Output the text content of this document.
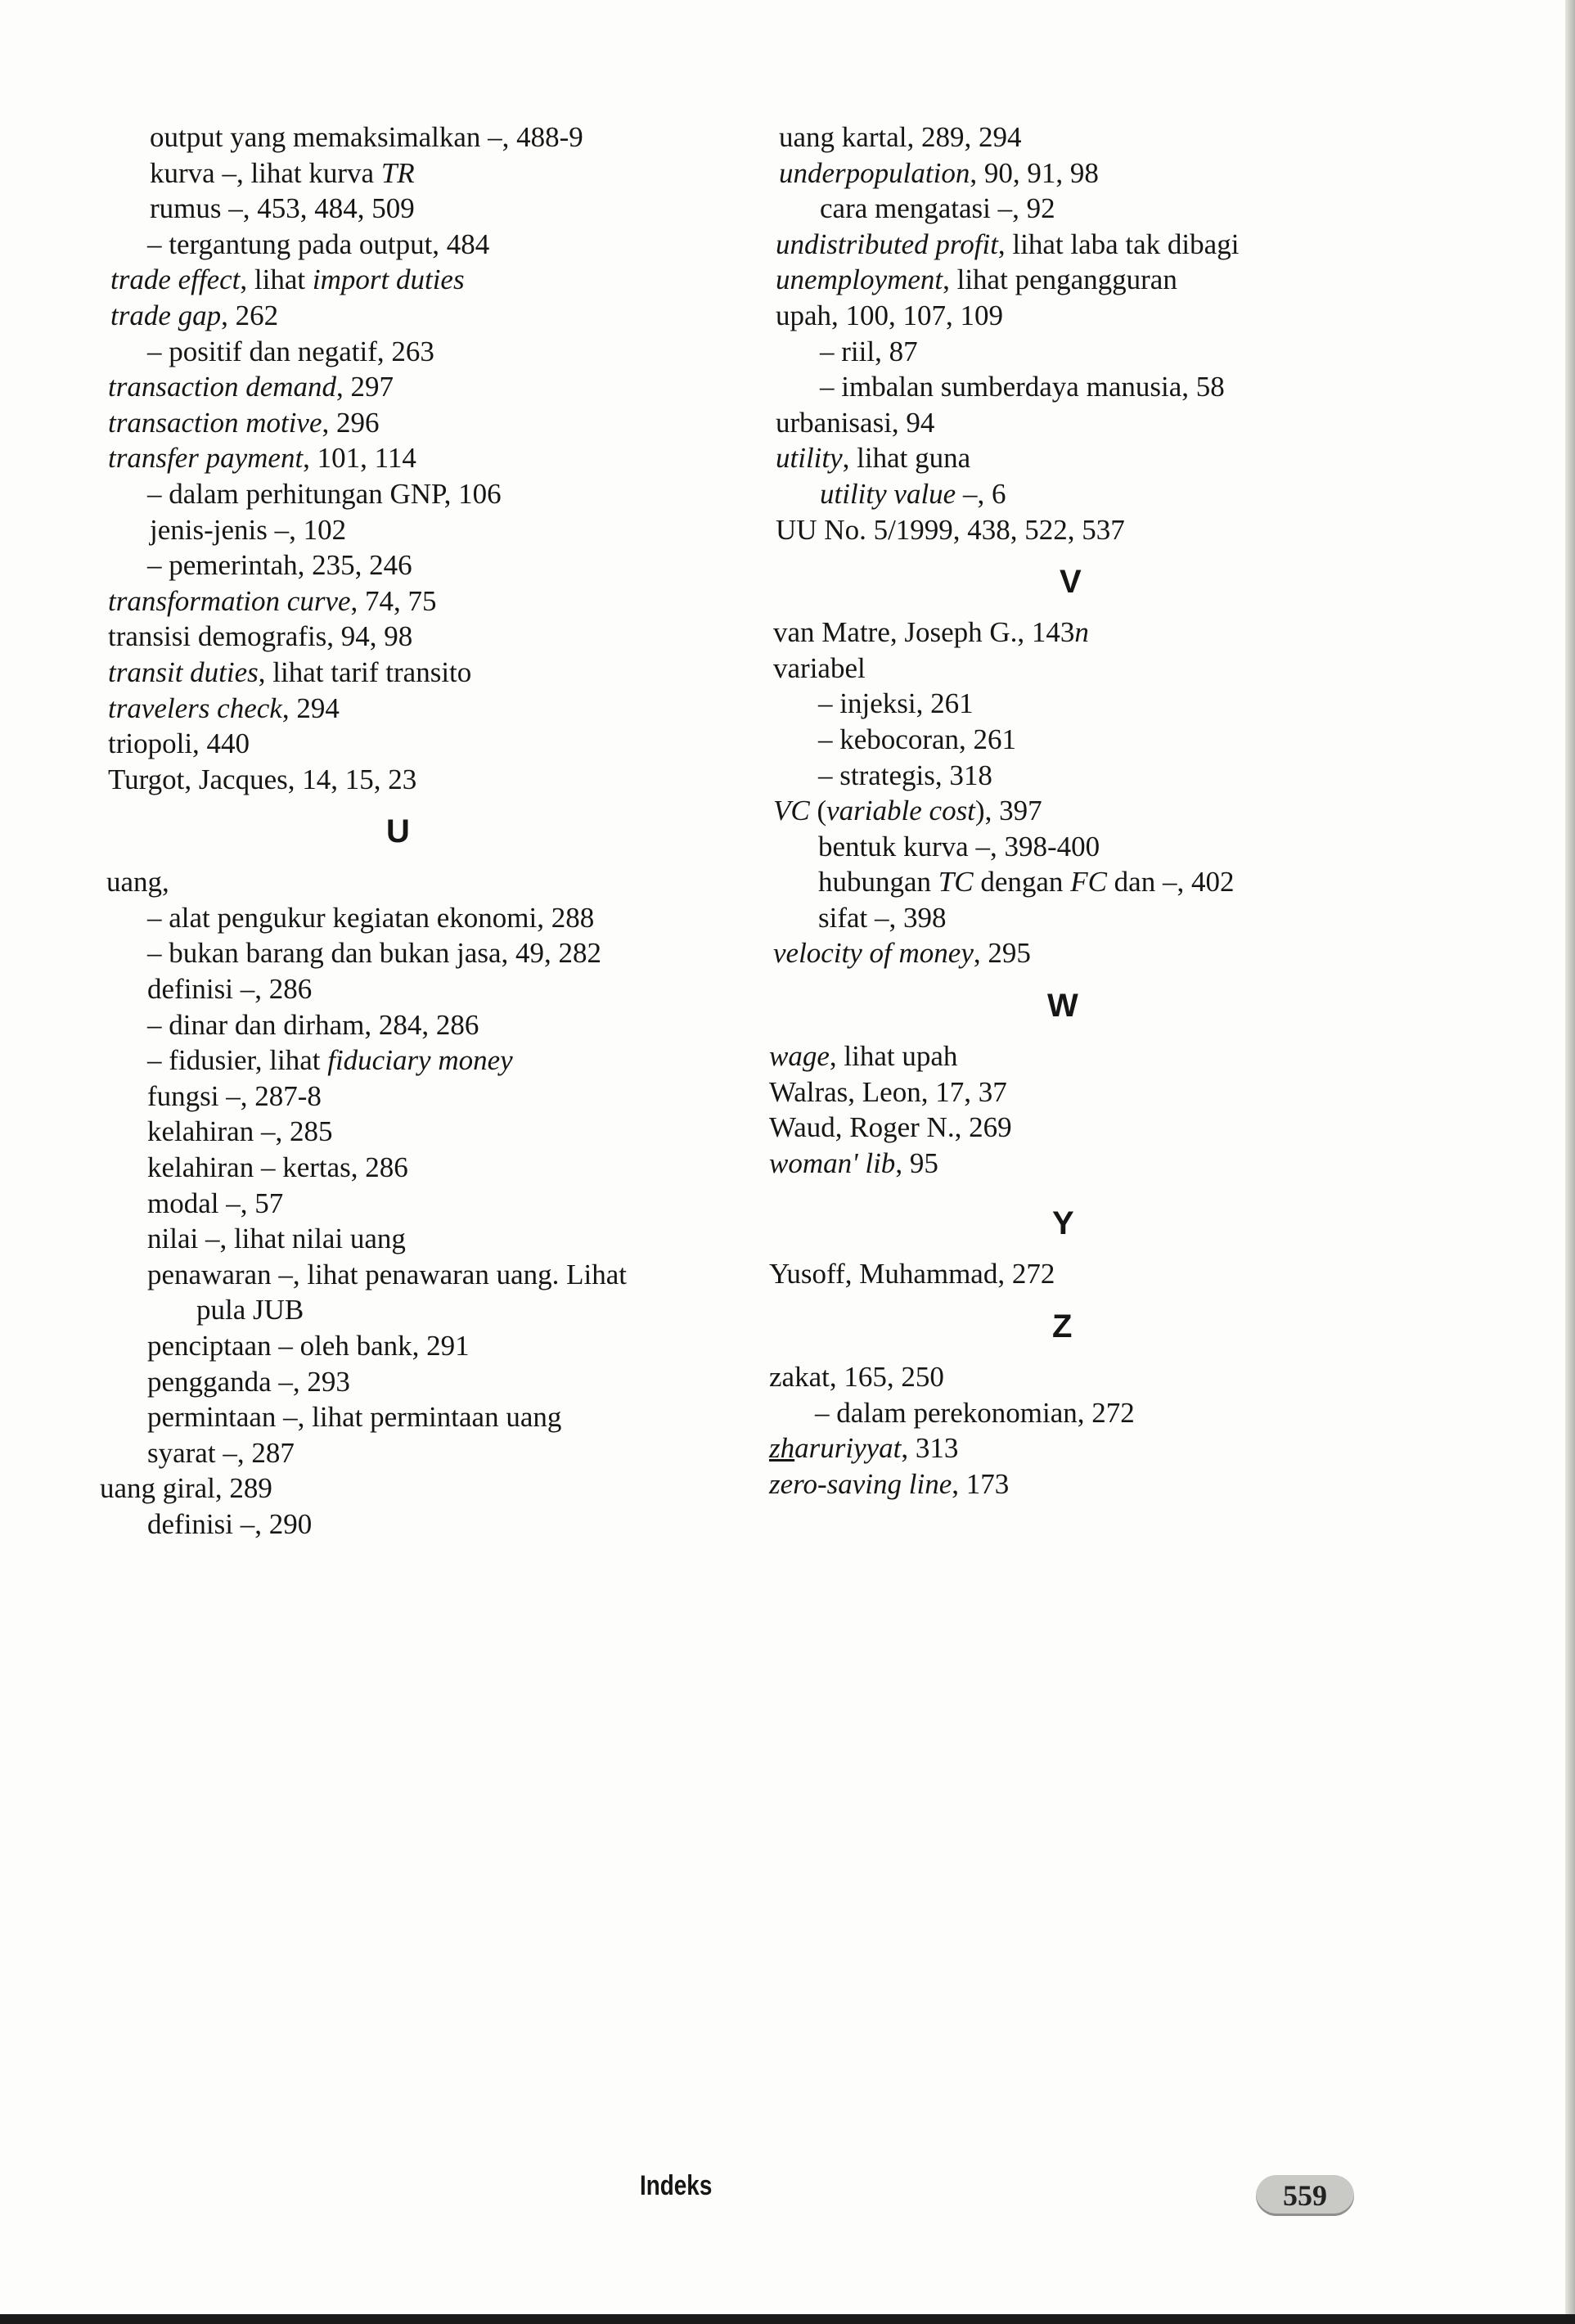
output yang memaksimalkan –, 488-9
kurva –, lihat kurva TR
rumus –, 453, 484, 509
– tergantung pada output, 484
trade effect, lihat import duties
trade gap, 262
– positif dan negatif, 263
transaction demand, 297
transaction motive, 296
transfer payment, 101, 114
– dalam perhitungan GNP, 106
jenis-jenis –, 102
– pemerintah, 235, 246
transformation curve, 74, 75
transisi demografis, 94, 98
transit duties, lihat tarif transito
travelers check, 294
triopoli, 440
Turgot, Jacques, 14, 15, 23
U
uang,
– alat pengukur kegiatan ekonomi, 288
– bukan barang dan bukan jasa, 49, 282
definisi –, 286
– dinar dan dirham, 284, 286
– fidusier, lihat fiduciary money
fungsi –, 287-8
kelahiran –, 285
kelahiran – kertas, 286
modal –, 57
nilai –, lihat nilai uang
penawaran –, lihat penawaran uang. Lihat
pula JUB
penciptaan – oleh bank, 291
pengganda –, 293
permintaan –, lihat permintaan uang
syarat –, 287
uang giral, 289
definisi –, 290
uang kartal, 289, 294
underpopulation, 90, 91, 98
cara mengatasi –, 92
undistributed profit, lihat laba tak dibagi
unemployment, lihat pengangguran
upah, 100, 107, 109
– riil, 87
– imbalan sumberdaya manusia, 58
urbanisasi, 94
utility, lihat guna
utility value –, 6
UU No. 5/1999, 438, 522, 537
V
van Matre, Joseph G., 143n
variabel
– injeksi, 261
– kebocoran, 261
– strategis, 318
VC (variable cost), 397
bentuk kurva –, 398-400
hubungan TC dengan FC dan –, 402
sifat –, 398
velocity of money, 295
W
wage, lihat upah
Walras, Leon, 17, 37
Waud, Roger N., 269
woman' lib, 95
Y
Yusoff, Muhammad, 272
Z
zakat, 165, 250
– dalam perekonomian, 272
zharuriyyat, 313
zero-saving line, 173
Indeks	559
